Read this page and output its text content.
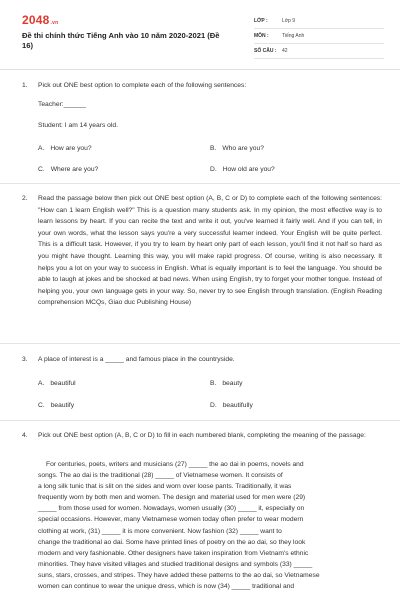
2048.vn
Đề thi chính thức Tiếng Anh vào 10 năm 2020-2021 (Đề 16)
LỚP :	Lớp 9
MÔN :	Tiếng Anh
SỐ CÂU : 42
1. Pick out ONE best option to complete each of the following sentences:
Teacher:______
Student: I am 14 years old.
A. How are you?	B. Who are you?
C. Where are you?	D. How old are you?
2. Read the passage below then pick out ONE best option (A, B, C or D) to complete each of the following sentences: "How can 1 learn English well?" This is a question many students ask. In my opinion, the most effective way is to learn lessons by heart. If you can recite the text and write it out, you've learned it fairly well. And if you can tell, in your own words, what the lesson says you're a very successful learner indeed. Your English will be quite perfect. This is a difficult task. However, if you try to learn by heart only part of each lesson, you'll find it not half so hard as you might have thought. Learning this way, you will make rapid progress. Of course, writing is also necessary. It helps you a lot on your way to success in English. What is equally important is to feel the language. You should be able to laugh at jokes and be shocked at bad news. When using English, try to forget your mother tongue. Instead of helping you, your own language gets in your way. So, never try to see English through translation. (English Reading comprehension MCQs, Giao duc Publishing House)

3. A place of interest is a _____ and famous place in the countryside.
A. beautiful	B. beauty
C. beautify	D. beautifully
4. Pick out ONE best option (A, B, C or D) to fill in each numbered blank, completing the meaning of the passage:
For centuries, poets, writers and musicians (27) _____ the ao dai in poems, novels and
songs. The ao dai is the traditional (28) _____ of Vietnamese women. It consists of
a long silk tunic that is slit on the sides and worn over loose pants. Traditionally, it was
frequently worn by both men and women. The design and material used for men were (29)
_____ from those used for women. Nowadays, women usually (30) _____ it, especially on
special occasions. However, many Vietnamese women today often prefer to wear modern
clothing at work, (31) _____ it is more convenient. Now fashion (32) _____ want to
change the traditional ao dai. Some have printed lines of poetry on the ao dai, so they look
modern and very fashionable. Other designers have taken inspiration from Vietnam's ethnic
minorities. They have visited villages and studied traditional designs and symbols (33) _____
suns, stars, crosses, and stripes. They have added these patterns to the ao dai, so Vietnamese
women can continue to wear the unique dress, which is now (34) _____ traditional and
